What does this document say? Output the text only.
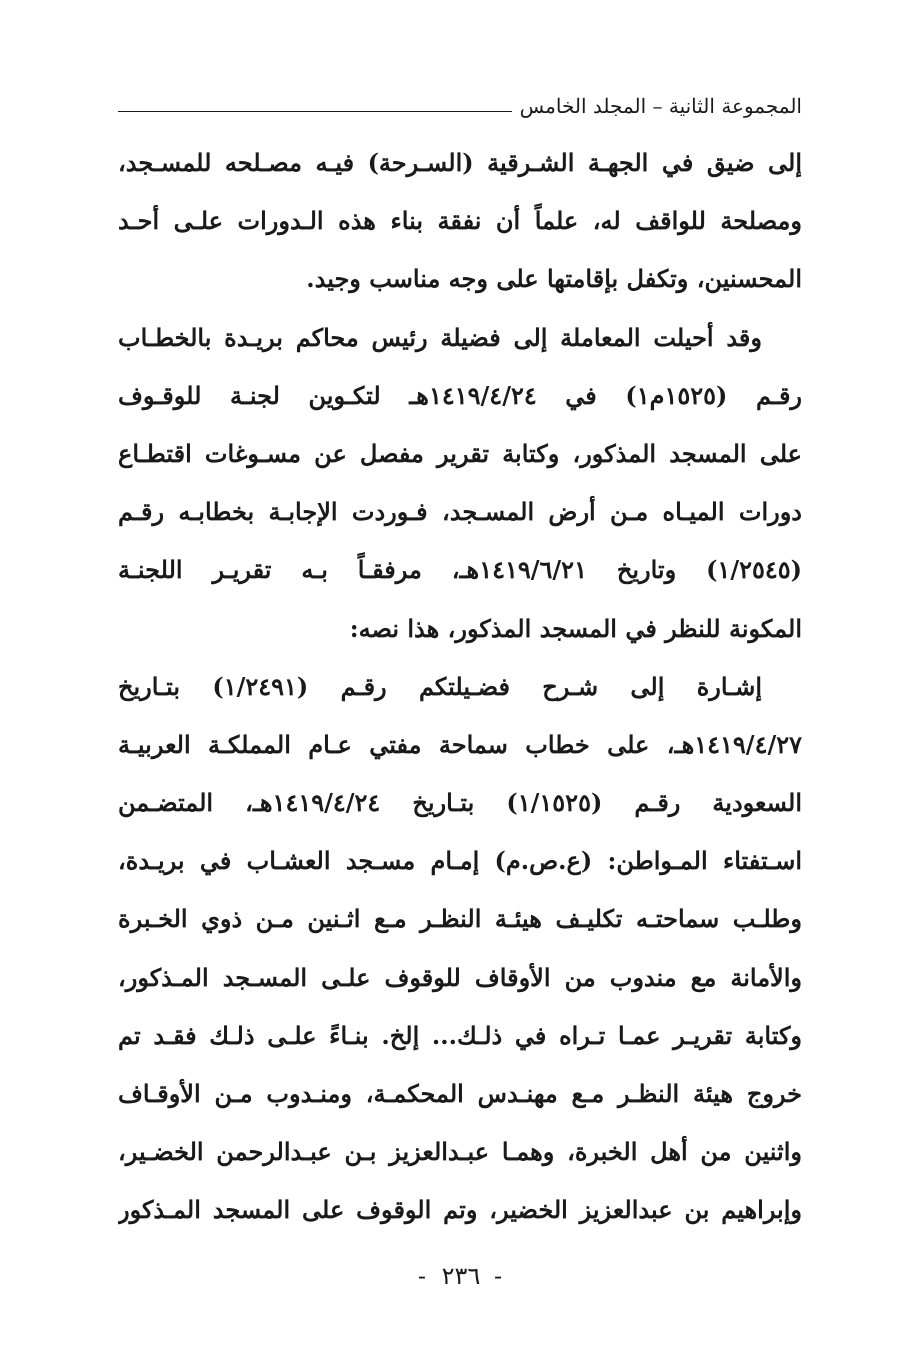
المجموعة الثانية – المجلد الخامس
إلى ضيق في الجهـة الشـرقية (السـرحة) فيـه مصـلحه للمسـجد،
ومصلحة للواقف له، علماً أن نفقة بناء هذه الـدورات علـى أحـد
المحسنين، وتكفل بإقامتها على وجه مناسب وجيد.
وقد أحيلت المعاملة إلى فضيلة رئيس محاكم بريـدة بالخطـاب
رقـم (١٥٢٥م١) في ١٤١٩/٤/٢٤هـ لتكـوين لجنـة للوقـوف
على المسجد المذكور، وكتابة تقرير مفصل عن مسـوغات اقتطـاع
دورات الميـاه مـن أرض المسـجد، فـوردت الإجابـة بخطابـه رقـم
(١/٢٥٤٥) وتاريخ ١٤١٩/٦/٢١هـ، مرفقـاً بـه تقريـر اللجنـة
المكونة للنظر في المسجد المذكور، هذا نصه:
إشـارة إلى شـرح فضـيلتكم رقـم (١/٢٤٩١) بتـاريخ
١٤١٩/٤/٢٧هـ، على خطاب سماحة مفتي عـام المملكـة العربيـة
السعودية رقـم (١/١٥٢٥) بتـاريخ ١٤١٩/٤/٢٤هـ، المتضـمن
اسـتفتاء المـواطن: (ع.ص.م) إمـام مسـجد العشـاب في بريـدة،
وطلـب سماحتـه تكليـف هيئـة النظـر مـع اثـنين مـن ذوي الخـبرة
والأمانة مع مندوب من الأوقاف للوقوف علـى المسـجد المـذكور،
وكتابة تقريـر عمـا تـراه في ذلـك... إلخ. بنـاءً علـى ذلـك فقـد تم
خروج هيئة النظـر مـع مهنـدس المحكمـة، ومنـدوب مـن الأوقـاف
واثنين من أهل الخبرة، وهمـا عبـدالعزيز بـن عبـدالرحمن الخضـير،
وإبراهيم بن عبدالعزيز الخضير، وتم الوقوف على المسجد المـذكور
- ٢٣٦ -
